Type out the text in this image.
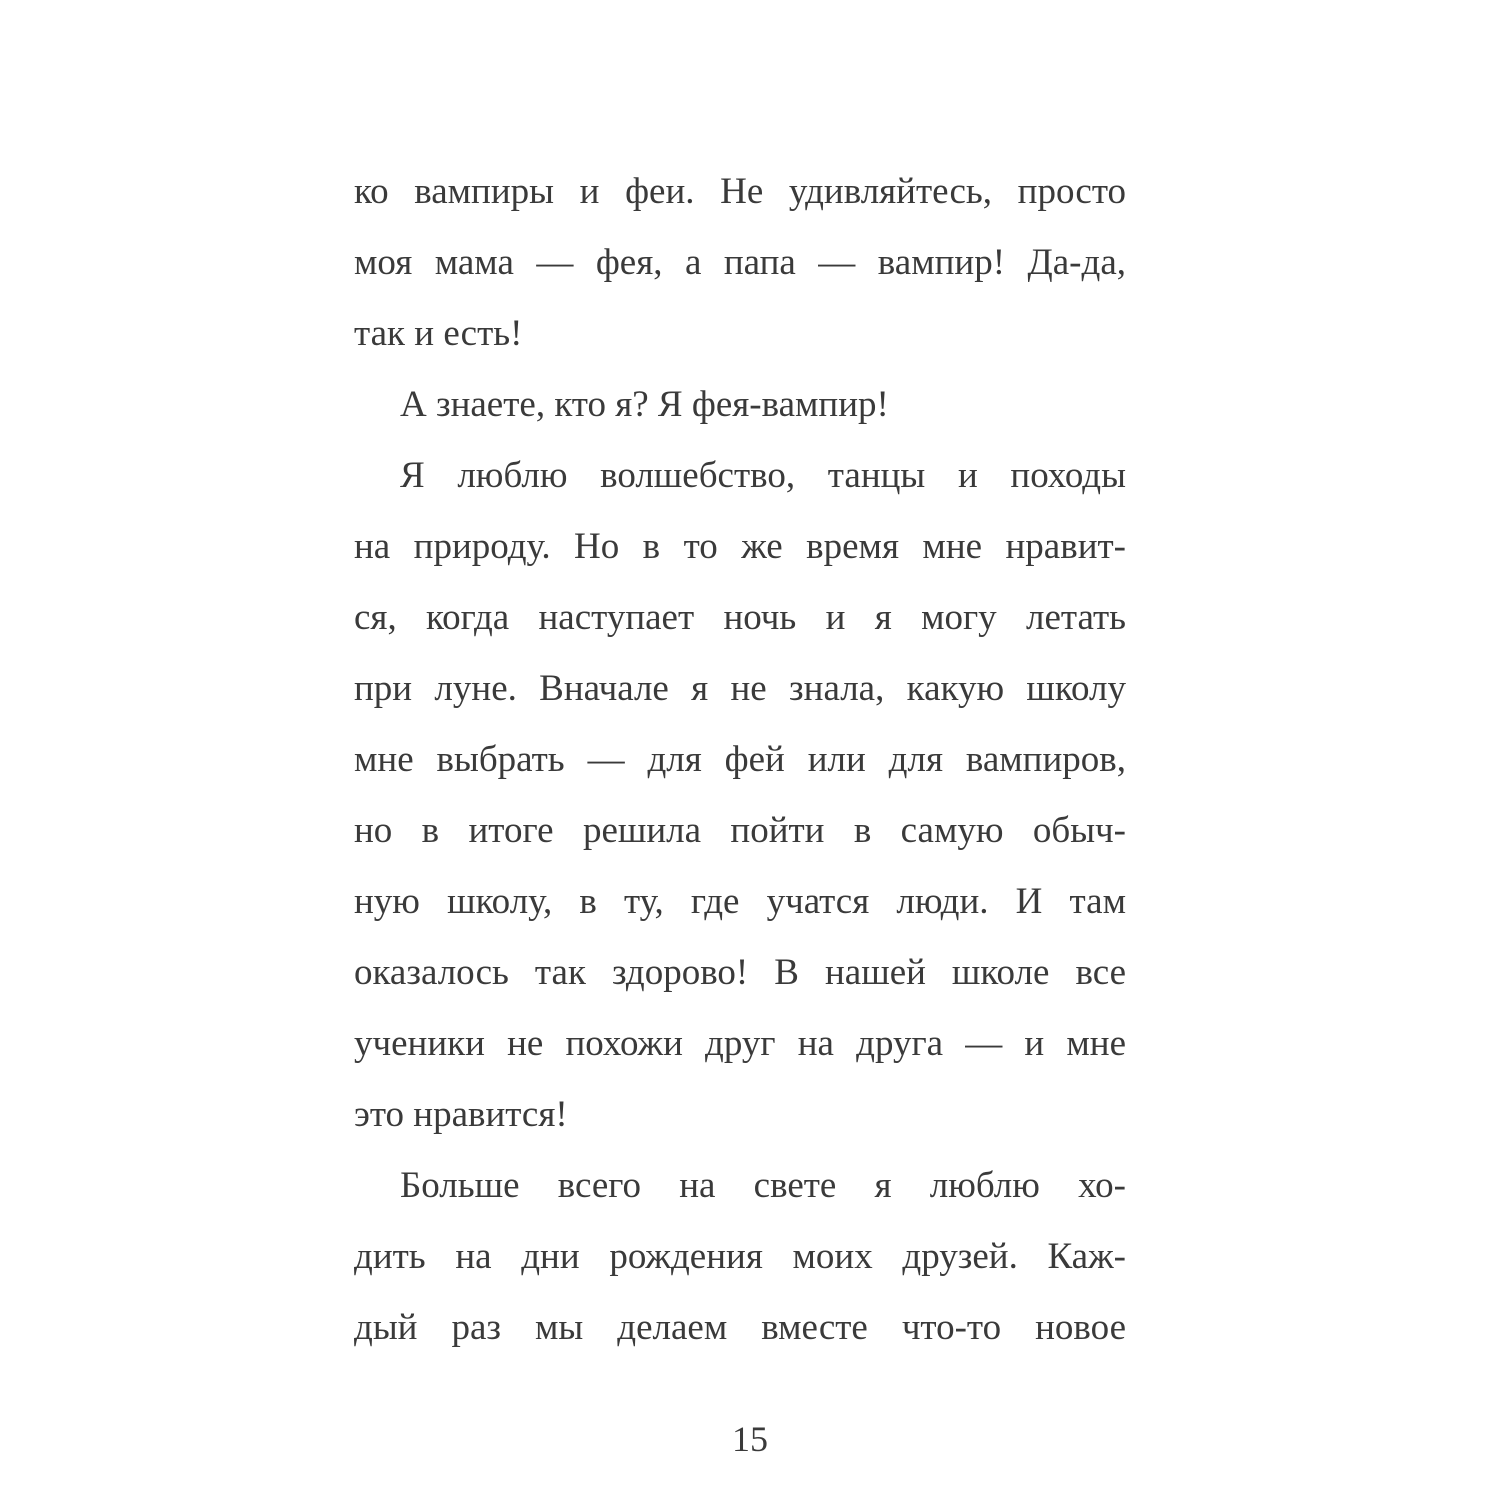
ко вампиры и феи. Не удивляйтесь, просто
моя мама — фея, а папа — вампир! Да-да,
так и есть!
А знаете, кто я? Я фея-вампир!
Я люблю волшебство, танцы и походы
на природу. Но в то же время мне нравит-
ся, когда наступает ночь и я могу летать
при луне. Вначале я не знала, какую школу
мне выбрать — для фей или для вампиров,
но в итоге решила пойти в самую обыч-
ную школу, в ту, где учатся люди. И там
оказалось так здорово! В нашей школе все
ученики не похожи друг на друга — и мне
это нравится!
Больше всего на свете я люблю хо-
дить на дни рождения моих друзей. Каж-
дый раз мы делаем вместе что-то новое
15
